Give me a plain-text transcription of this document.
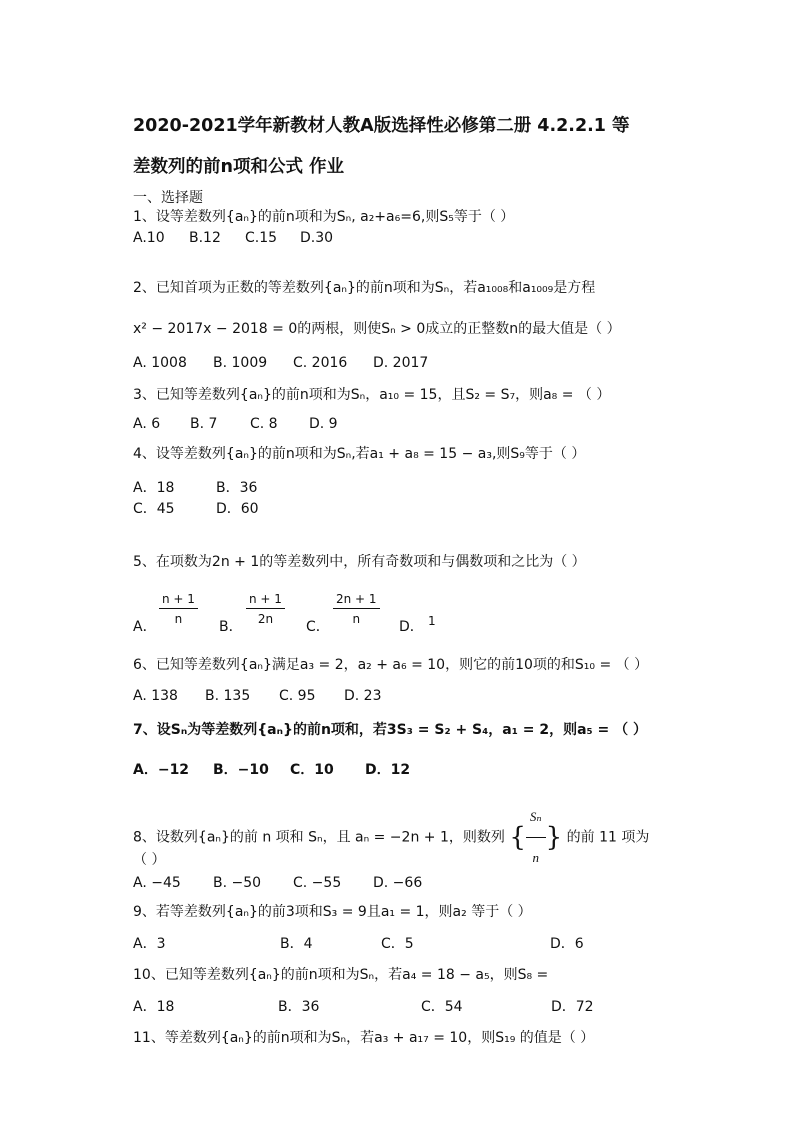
2020-2021学年新教材人教A版选择性必修第二册 4.2.2.1 等
差数列的前n项和公式 作业
一、选择题
1、设等差数列{aₙ}的前n项和为Sₙ, a₂+a₆=6,则S₅等于（ ）
A.10 B.12 C.15 D.30
2、已知首项为正数的等差数列{aₙ}的前n项和为Sₙ，若a₁₀₀₈和a₁₀₀₉是方程
x² − 2017x − 2018 = 0的两根，则使Sₙ > 0成立的正整数n的最大值是（ ）
A. 1008 B. 1009 C. 2016 D. 2017
3、已知等差数列{aₙ}的前n项和为Sₙ，a₁₀ = 15，且S₂ = S₇，则a₈ = （ ）
A. 6 B. 7 C. 8 D. 9
4、设等差数列{aₙ}的前n项和为Sₙ,若a₁ + a₈ = 15 − a₃,则S₉等于（ ）
A．18	B．36
C．45	D．60
5、在项数为2n + 1的等差数列中，所有奇数项和与偶数项和之比为（ ）
A．
$\frac{n + 1}{n}$
B．
$\frac{n + 1}{2n}$
C．
$\frac{2n + 1}{n}$
D． 1
6、已知等差数列{aₙ}满足a₃ = 2，a₂ + a₆ = 10，则它的前10项的和S₁₀ = （ ）
A. 138 B. 135 C. 95 D. 23
7、设Sₙ为等差数列{aₙ}的前n项和，若3S₃ = S₂ + S₄，a₁ = 2，则a₅ = （ ）
A．−12 B．−10 C．10 D．12
8、设数列{aₙ}的前 n 项和 Sₙ，且 aₙ = −2n + 1，则数列 { $\frac{\text{Sₙ}}{n}$ } 的前 11 项为
（ ）
A. −45 B. −50 C. −55 D. −66
9、若等差数列{aₙ}的前3项和S₃ = 9且a₁ = 1，则a₂ 等于（ ）
A．3	B．4	C．5	D．6
10、已知等差数列{aₙ}的前n项和为Sₙ，若a₄ = 18 − a₅，则S₈ =
A．18	B．36	C．54	D．72
11、等差数列{aₙ}的前n项和为Sₙ，若a₃ + a₁₇ = 10，则S₁₉ 的值是（ ）
